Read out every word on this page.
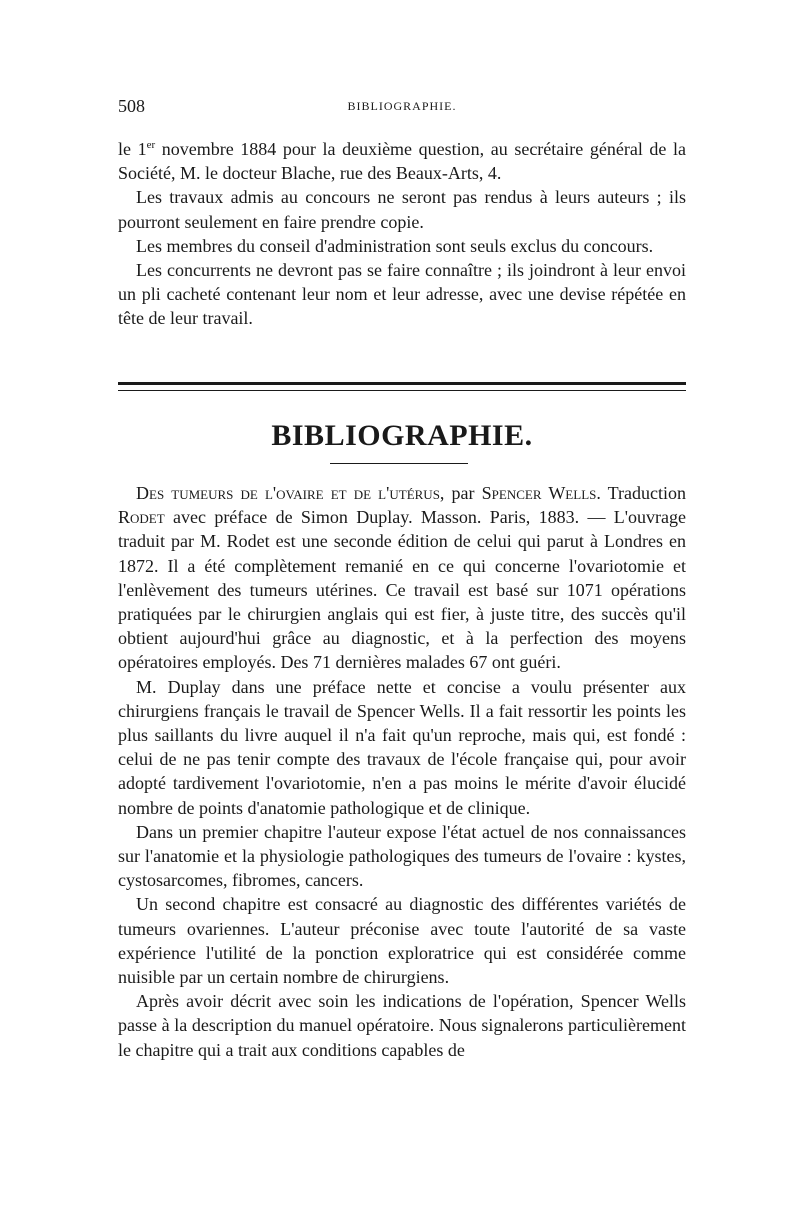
508	BIBLIOGRAPHIE.

le 1er novembre 1884 pour la deuxième question, au secrétaire général de la Société, M. le docteur Blache, rue des Beaux-Arts, 4.

Les travaux admis au concours ne seront pas rendus à leurs auteurs ; ils pourront seulement en faire prendre copie.

Les membres du conseil d'administration sont seuls exclus du concours.

Les concurrents ne devront pas se faire connaître ; ils joindront à leur envoi un pli cacheté contenant leur nom et leur adresse, avec une devise répétée en tête de leur travail.

BIBLIOGRAPHIE.

Des tumeurs de l'ovaire et de l'utérus, par Spencer Wells. Traduction Rodet avec préface de Simon Duplay. Masson. Paris, 1883. — L'ouvrage traduit par M. Rodet est une seconde édition de celui qui parut à Londres en 1872. Il a été complètement remanié en ce qui concerne l'ovariotomie et l'enlèvement des tumeurs utérines. Ce travail est basé sur 1071 opérations pratiquées par le chirurgien anglais qui est fier, à juste titre, des succès qu'il obtient aujourd'hui grâce au diagnostic, et à la perfection des moyens opératoires employés. Des 71 dernières malades 67 ont guéri.

M. Duplay dans une préface nette et concise a voulu présenter aux chirurgiens français le travail de Spencer Wells. Il a fait ressortir les points les plus saillants du livre auquel il n'a fait qu'un reproche, mais qui, est fondé : celui de ne pas tenir compte des travaux de l'école française qui, pour avoir adopté tardivement l'ovariotomie, n'en a pas moins le mérite d'avoir élucidé nombre de points d'anatomie pathologique et de clinique.

Dans un premier chapitre l'auteur expose l'état actuel de nos connaissances sur l'anatomie et la physiologie pathologiques des tumeurs de l'ovaire : kystes, cystosarcomes, fibromes, cancers.

Un second chapitre est consacré au diagnostic des différentes variétés de tumeurs ovariennes. L'auteur préconise avec toute l'autorité de sa vaste expérience l'utilité de la ponction exploratrice qui est considérée comme nuisible par un certain nombre de chirurgiens.

Après avoir décrit avec soin les indications de l'opération, Spencer Wells passe à la description du manuel opératoire. Nous signalerons particulièrement le chapitre qui a trait aux conditions capables de
